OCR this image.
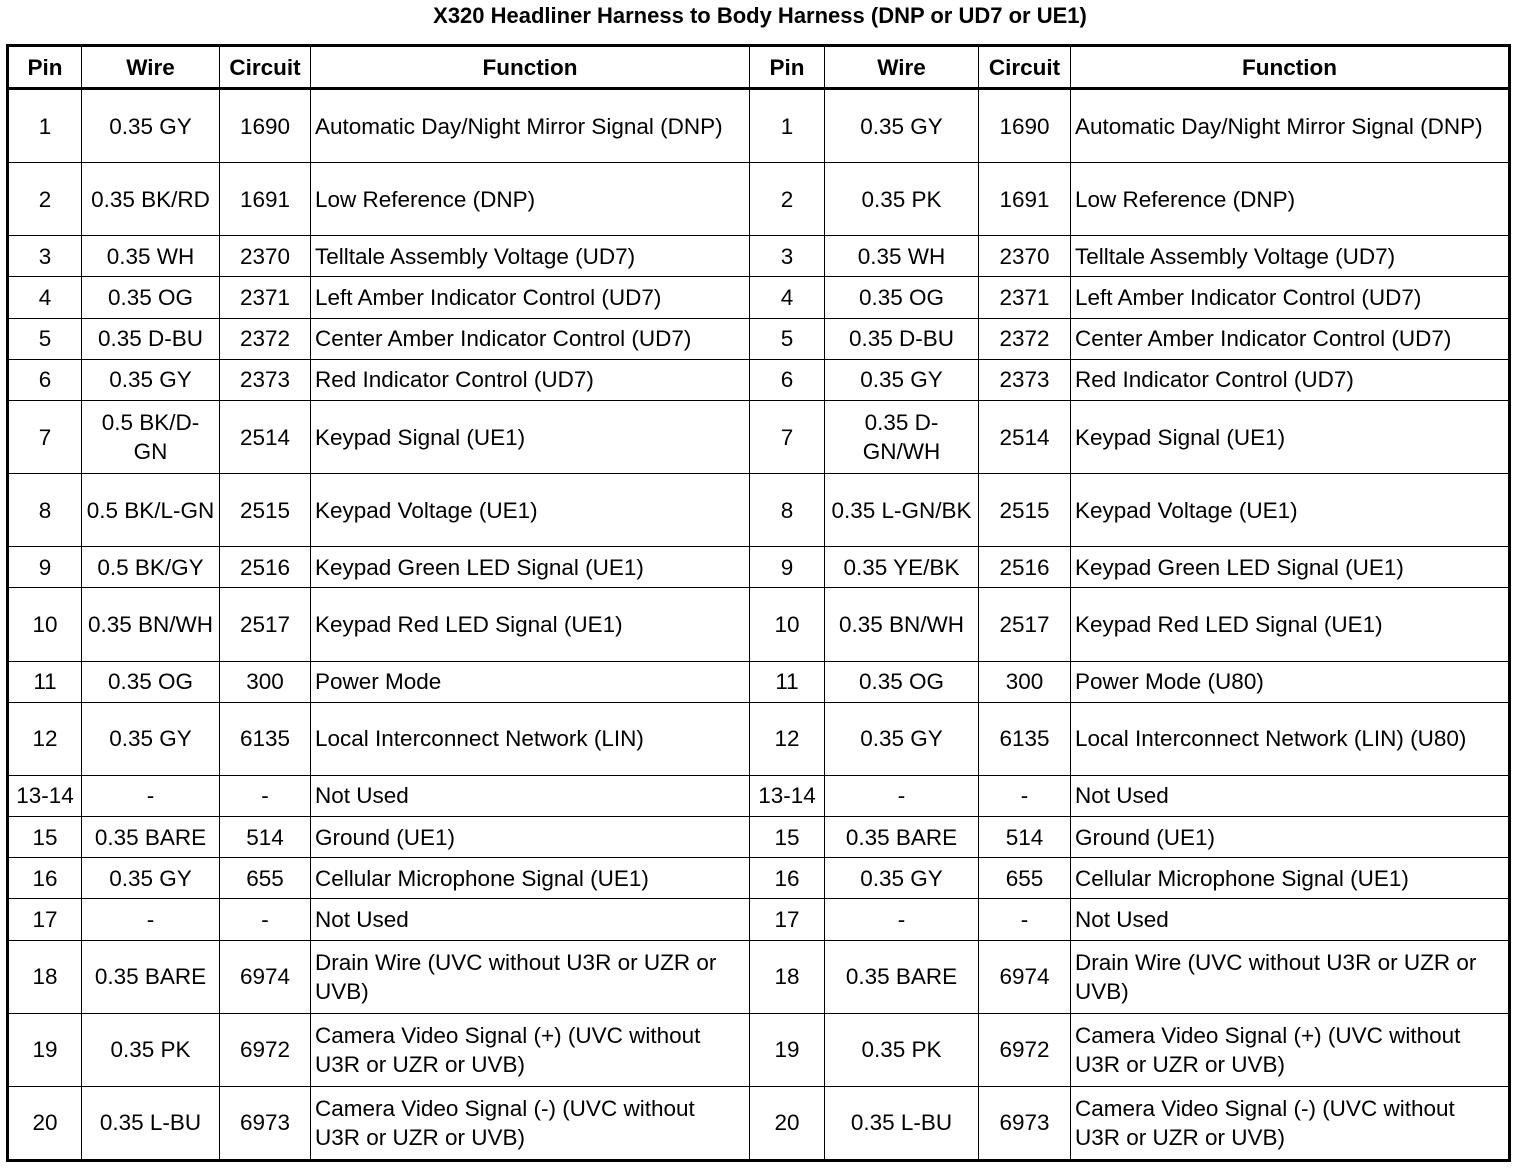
X320 Headliner Harness to Body Harness (DNP or UD7 or UE1)
Pin	Wire	Circuit	Function	Pin	Wire	Circuit	Function
1	0.35 GY	1690	Automatic Day/Night Mirror Signal (DNP)	1	0.35 GY	1690	Automatic Day/Night Mirror Signal (DNP)
2	0.35 BK/RD	1691	Low Reference (DNP)	2	0.35 PK	1691	Low Reference (DNP)
3	0.35 WH	2370	Telltale Assembly Voltage (UD7)	3	0.35 WH	2370	Telltale Assembly Voltage (UD7)
4	0.35 OG	2371	Left Amber Indicator Control (UD7)	4	0.35 OG	2371	Left Amber Indicator Control (UD7)
5	0.35 D-BU	2372	Center Amber Indicator Control (UD7)	5	0.35 D-BU	2372	Center Amber Indicator Control (UD7)
6	0.35 GY	2373	Red Indicator Control (UD7)	6	0.35 GY	2373	Red Indicator Control (UD7)
7	0.5 BK/D-GN	2514	Keypad Signal (UE1)	7	0.35 D-GN/WH	2514	Keypad Signal (UE1)
8	0.5 BK/L-GN	2515	Keypad Voltage (UE1)	8	0.35 L-GN/BK	2515	Keypad Voltage (UE1)
9	0.5 BK/GY	2516	Keypad Green LED Signal (UE1)	9	0.35 YE/BK	2516	Keypad Green LED Signal (UE1)
10	0.35 BN/WH	2517	Keypad Red LED Signal (UE1)	10	0.35 BN/WH	2517	Keypad Red LED Signal (UE1)
11	0.35 OG	300	Power Mode	11	0.35 OG	300	Power Mode (U80)
12	0.35 GY	6135	Local Interconnect Network (LIN)	12	0.35 GY	6135	Local Interconnect Network (LIN) (U80)
13-14	-	-	Not Used	13-14	-	-	Not Used
15	0.35 BARE	514	Ground (UE1)	15	0.35 BARE	514	Ground (UE1)
16	0.35 GY	655	Cellular Microphone Signal (UE1)	16	0.35 GY	655	Cellular Microphone Signal (UE1)
17	-	-	Not Used	17	-	-	Not Used
18	0.35 BARE	6974	Drain Wire (UVC without U3R or UZR or UVB)	18	0.35 BARE	6974	Drain Wire (UVC without U3R or UZR or UVB)
19	0.35 PK	6972	Camera Video Signal (+) (UVC without U3R or UZR or UVB)	19	0.35 PK	6972	Camera Video Signal (+) (UVC without U3R or UZR or UVB)
20	0.35 L-BU	6973	Camera Video Signal (-) (UVC without U3R or UZR or UVB)	20	0.35 L-BU	6973	Camera Video Signal (-) (UVC without U3R or UZR or UVB)
